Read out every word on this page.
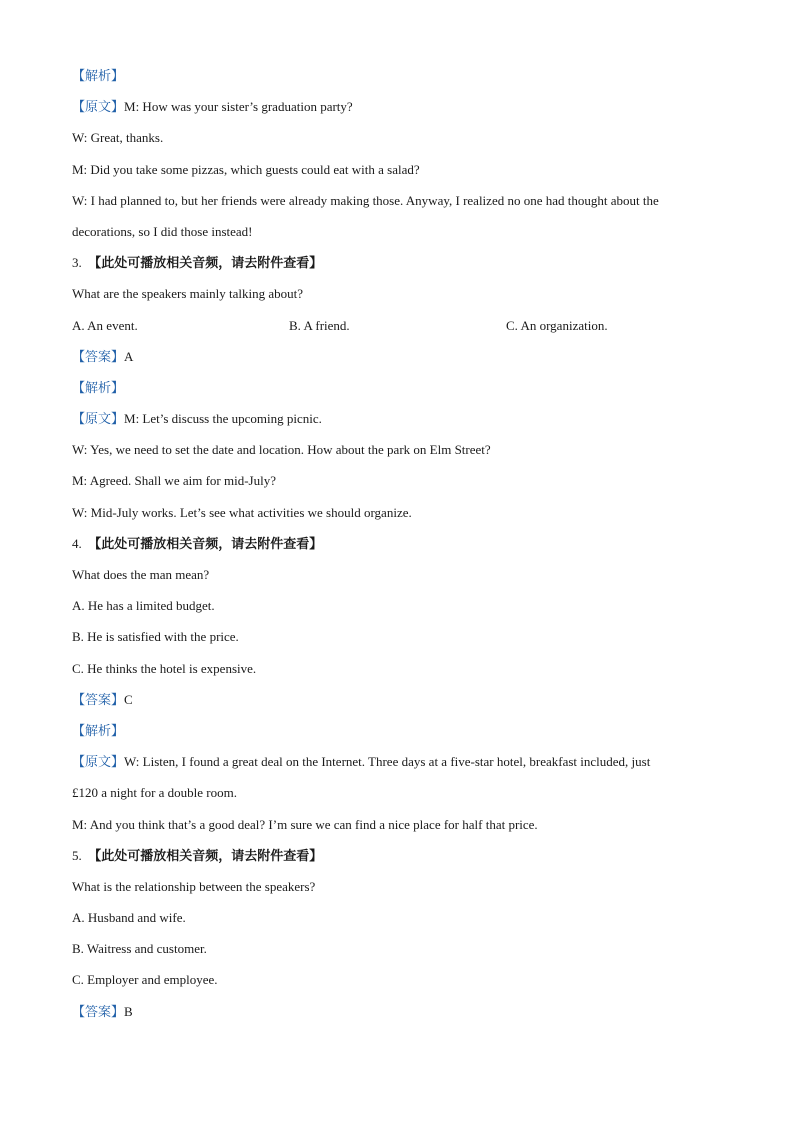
【解析】
【原文】M: How was your sister’s graduation party?
W: Great, thanks.
M: Did you take some pizzas, which guests could eat with a salad?
W: I had planned to, but her friends were already making those. Anyway, I realized no one had thought about the
decorations, so I did those instead!
3. 【此处可播放相关音频，请去附件查看】
What are the speakers mainly talking about?
A. An event.	B. A friend.	C. An organization.
【答案】A
【解析】
【原文】M: Let’s discuss the upcoming picnic.
W: Yes, we need to set the date and location. How about the park on Elm Street?
M: Agreed. Shall we aim for mid-July?
W: Mid-July works. Let’s see what activities we should organize.
4. 【此处可播放相关音频，请去附件查看】
What does the man mean?
A. He has a limited budget.
B. He is satisfied with the price.
C. He thinks the hotel is expensive.
【答案】C
【解析】
【原文】W: Listen, I found a great deal on the Internet. Three days at a five-star hotel, breakfast included, just
£120 a night for a double room.
M: And you think that’s a good deal? I’m sure we can find a nice place for half that price.
5. 【此处可播放相关音频，请去附件查看】
What is the relationship between the speakers?
A. Husband and wife.
B. Waitress and customer.
C. Employer and employee.
【答案】B
